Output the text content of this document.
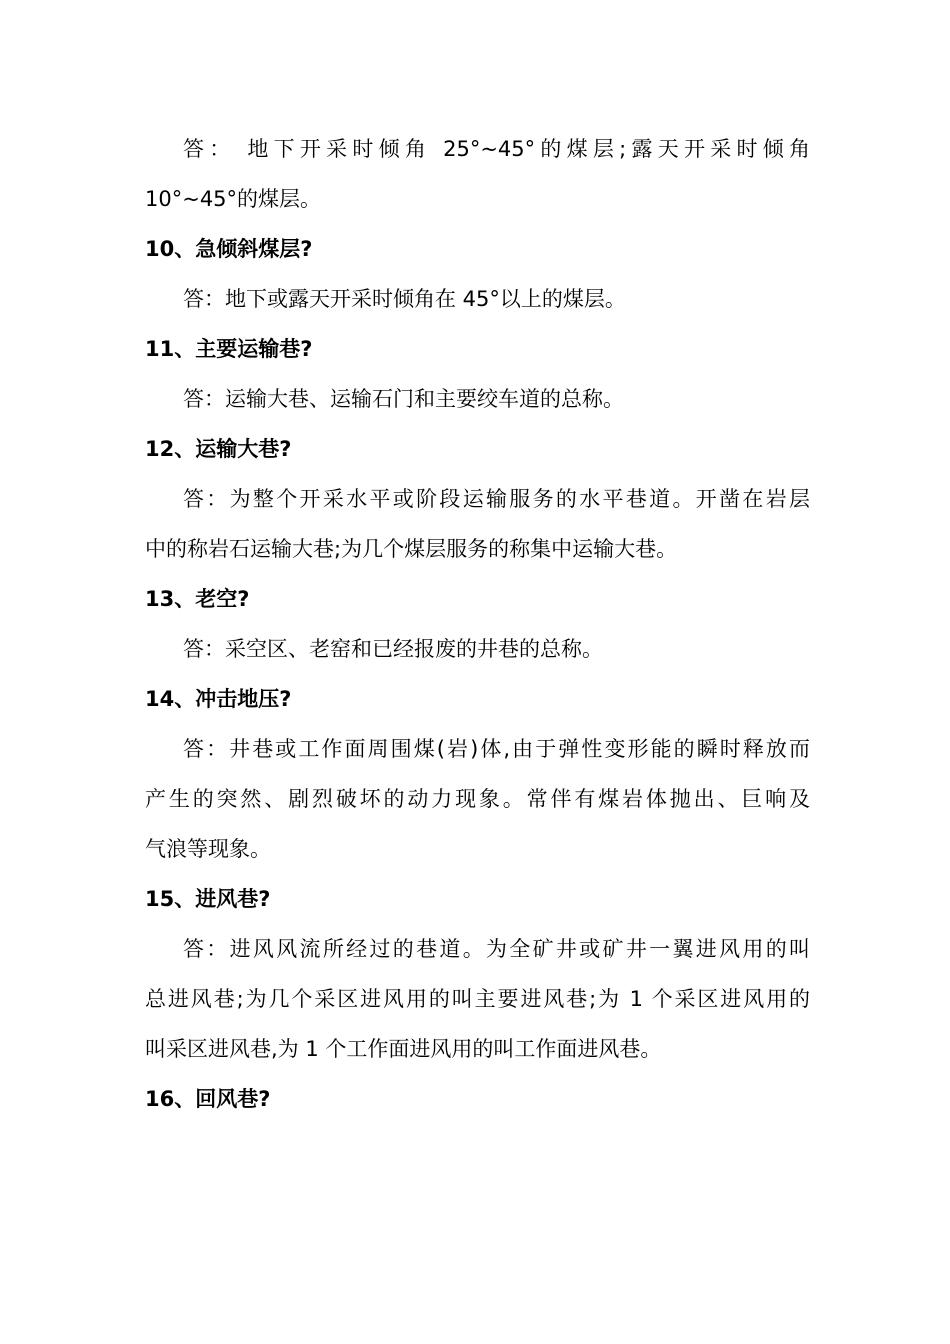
答： 地下开采时倾角 25°~45°的煤层;露天开采时倾角
10°~45°的煤层。
10、急倾斜煤层?
答：地下或露天开采时倾角在 45°以上的煤层。
11、主要运输巷?
答：运输大巷、运输石门和主要绞车道的总称。
12、运输大巷?
答：为整个开采水平或阶段运输服务的水平巷道。开凿在岩层
中的称岩石运输大巷;为几个煤层服务的称集中运输大巷。
13、老空?
答：采空区、老窑和已经报废的井巷的总称。
14、冲击地压?
答：井巷或工作面周围煤(岩)体,由于弹性变形能的瞬时释放而
产生的突然、剧烈破坏的动力现象。常伴有煤岩体抛出、巨响及
气浪等现象。
15、进风巷?
答：进风风流所经过的巷道。为全矿井或矿井一翼进风用的叫
总进风巷;为几个采区进风用的叫主要进风巷;为 1 个采区进风用的
叫采区进风巷,为 1 个工作面进风用的叫工作面进风巷。
16、回风巷?
